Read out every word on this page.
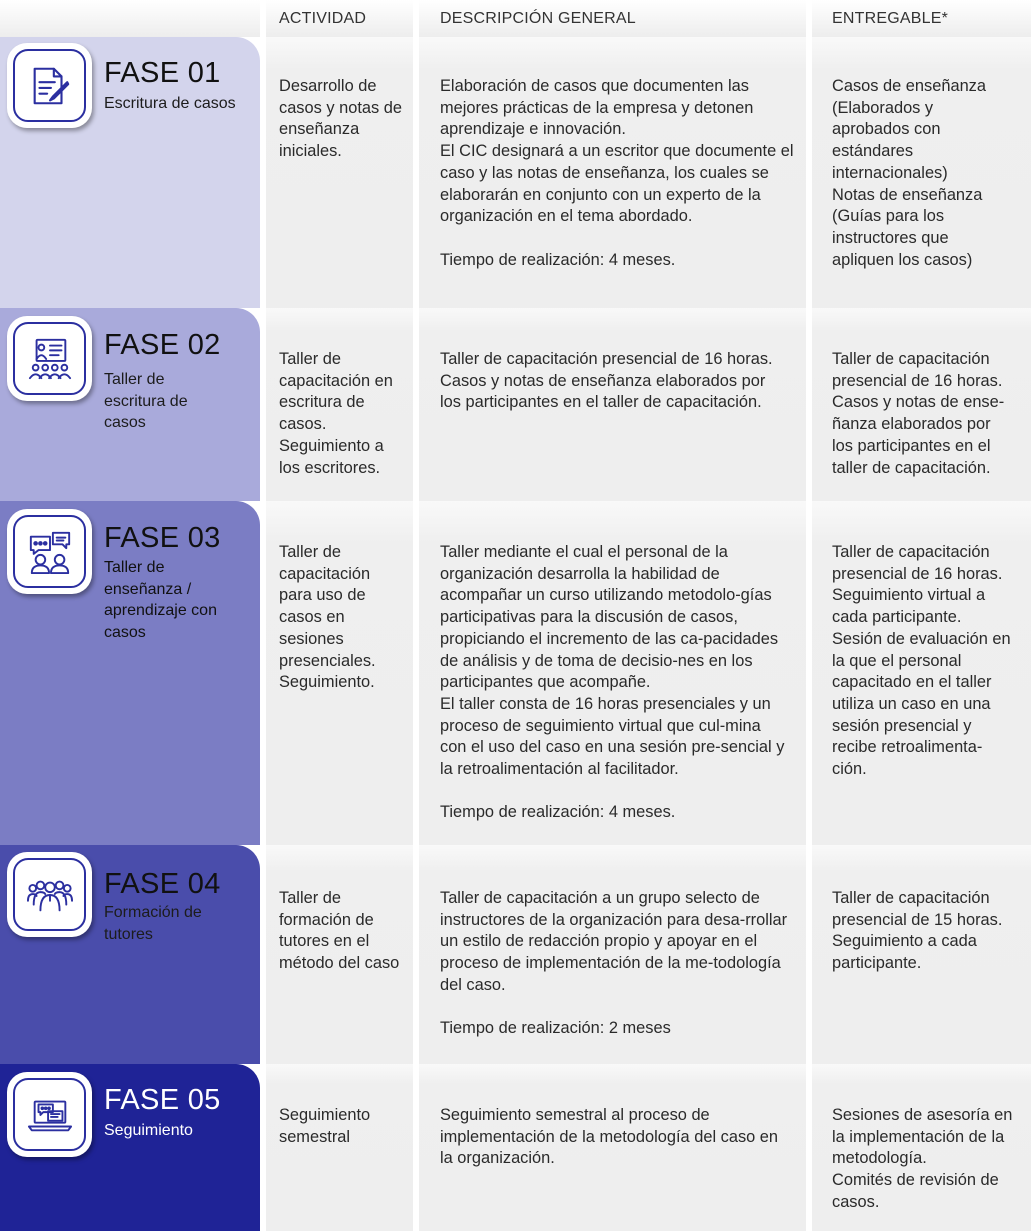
ACTIVIDAD	DESCRIPCIÓN GENERAL	ENTREGABLE*
FASE 01
Escritura de casos
Desarrollo de casos y notas de enseñanza iniciales.
Elaboración de casos que documenten las mejores prácticas de la empresa y detonen aprendizaje e innovación.
El CIC designará a un escritor que documente el caso y las notas de enseñanza, los cuales se elaborarán en conjunto con un experto de la organización en el tema abordado.
Tiempo de realización: 4 meses.
Casos de enseñanza (Elaborados y aprobados con estándares internacionales)
Notas de enseñanza (Guías para los instructores que apliquen los casos)
FASE 02
Taller de escritura de casos
Taller de capacitación en escritura de casos. Seguimiento a los escritores.
Taller de capacitación presencial de 16 horas.
Casos y notas de enseñanza elaborados por los participantes en el taller de capacitación.
Taller de capacitación presencial de 16 horas.
Casos y notas de ense-ñanza elaborados por los participantes en el taller de capacitación.
FASE 03
Taller de enseñanza / aprendizaje con casos
Taller de capacitación para uso de casos en sesiones presenciales. Seguimiento.
Taller mediante el cual el personal de la organización desarrolla la habilidad de acompañar un curso utilizando metodolo-gías participativas para la discusión de casos, propiciando el incremento de las ca-pacidades de análisis y de toma de decisio-nes en los participantes que acompañe.
El taller consta de 16 horas presenciales y un proceso de seguimiento virtual que cul-mina con el uso del caso en una sesión pre-sencial y la retroalimentación al facilitador.
Tiempo de realización: 4 meses.
Taller de capacitación presencial de 16 horas.
Seguimiento virtual a cada participante.
Sesión de evaluación en la que el personal capacitado en el taller utiliza un caso en una sesión presencial y recibe retroalimenta-ción.
FASE 04
Formación de tutores
Taller de formación de tutores en el método del caso
Taller de capacitación a un grupo selecto de instructores de la organización para desa-rrollar un estilo de redacción propio y apoyar en el proceso de implementación de la me-todología del caso.
Tiempo de realización: 2 meses
Taller de capacitación presencial de 15 horas.
Seguimiento a cada participante.
FASE 05
Seguimiento
Seguimiento semestral
Seguimiento semestral al proceso de implementación de la metodología del caso en la organización.
Sesiones de asesoría en la implementación de la metodología.
Comités de revisión de casos.
